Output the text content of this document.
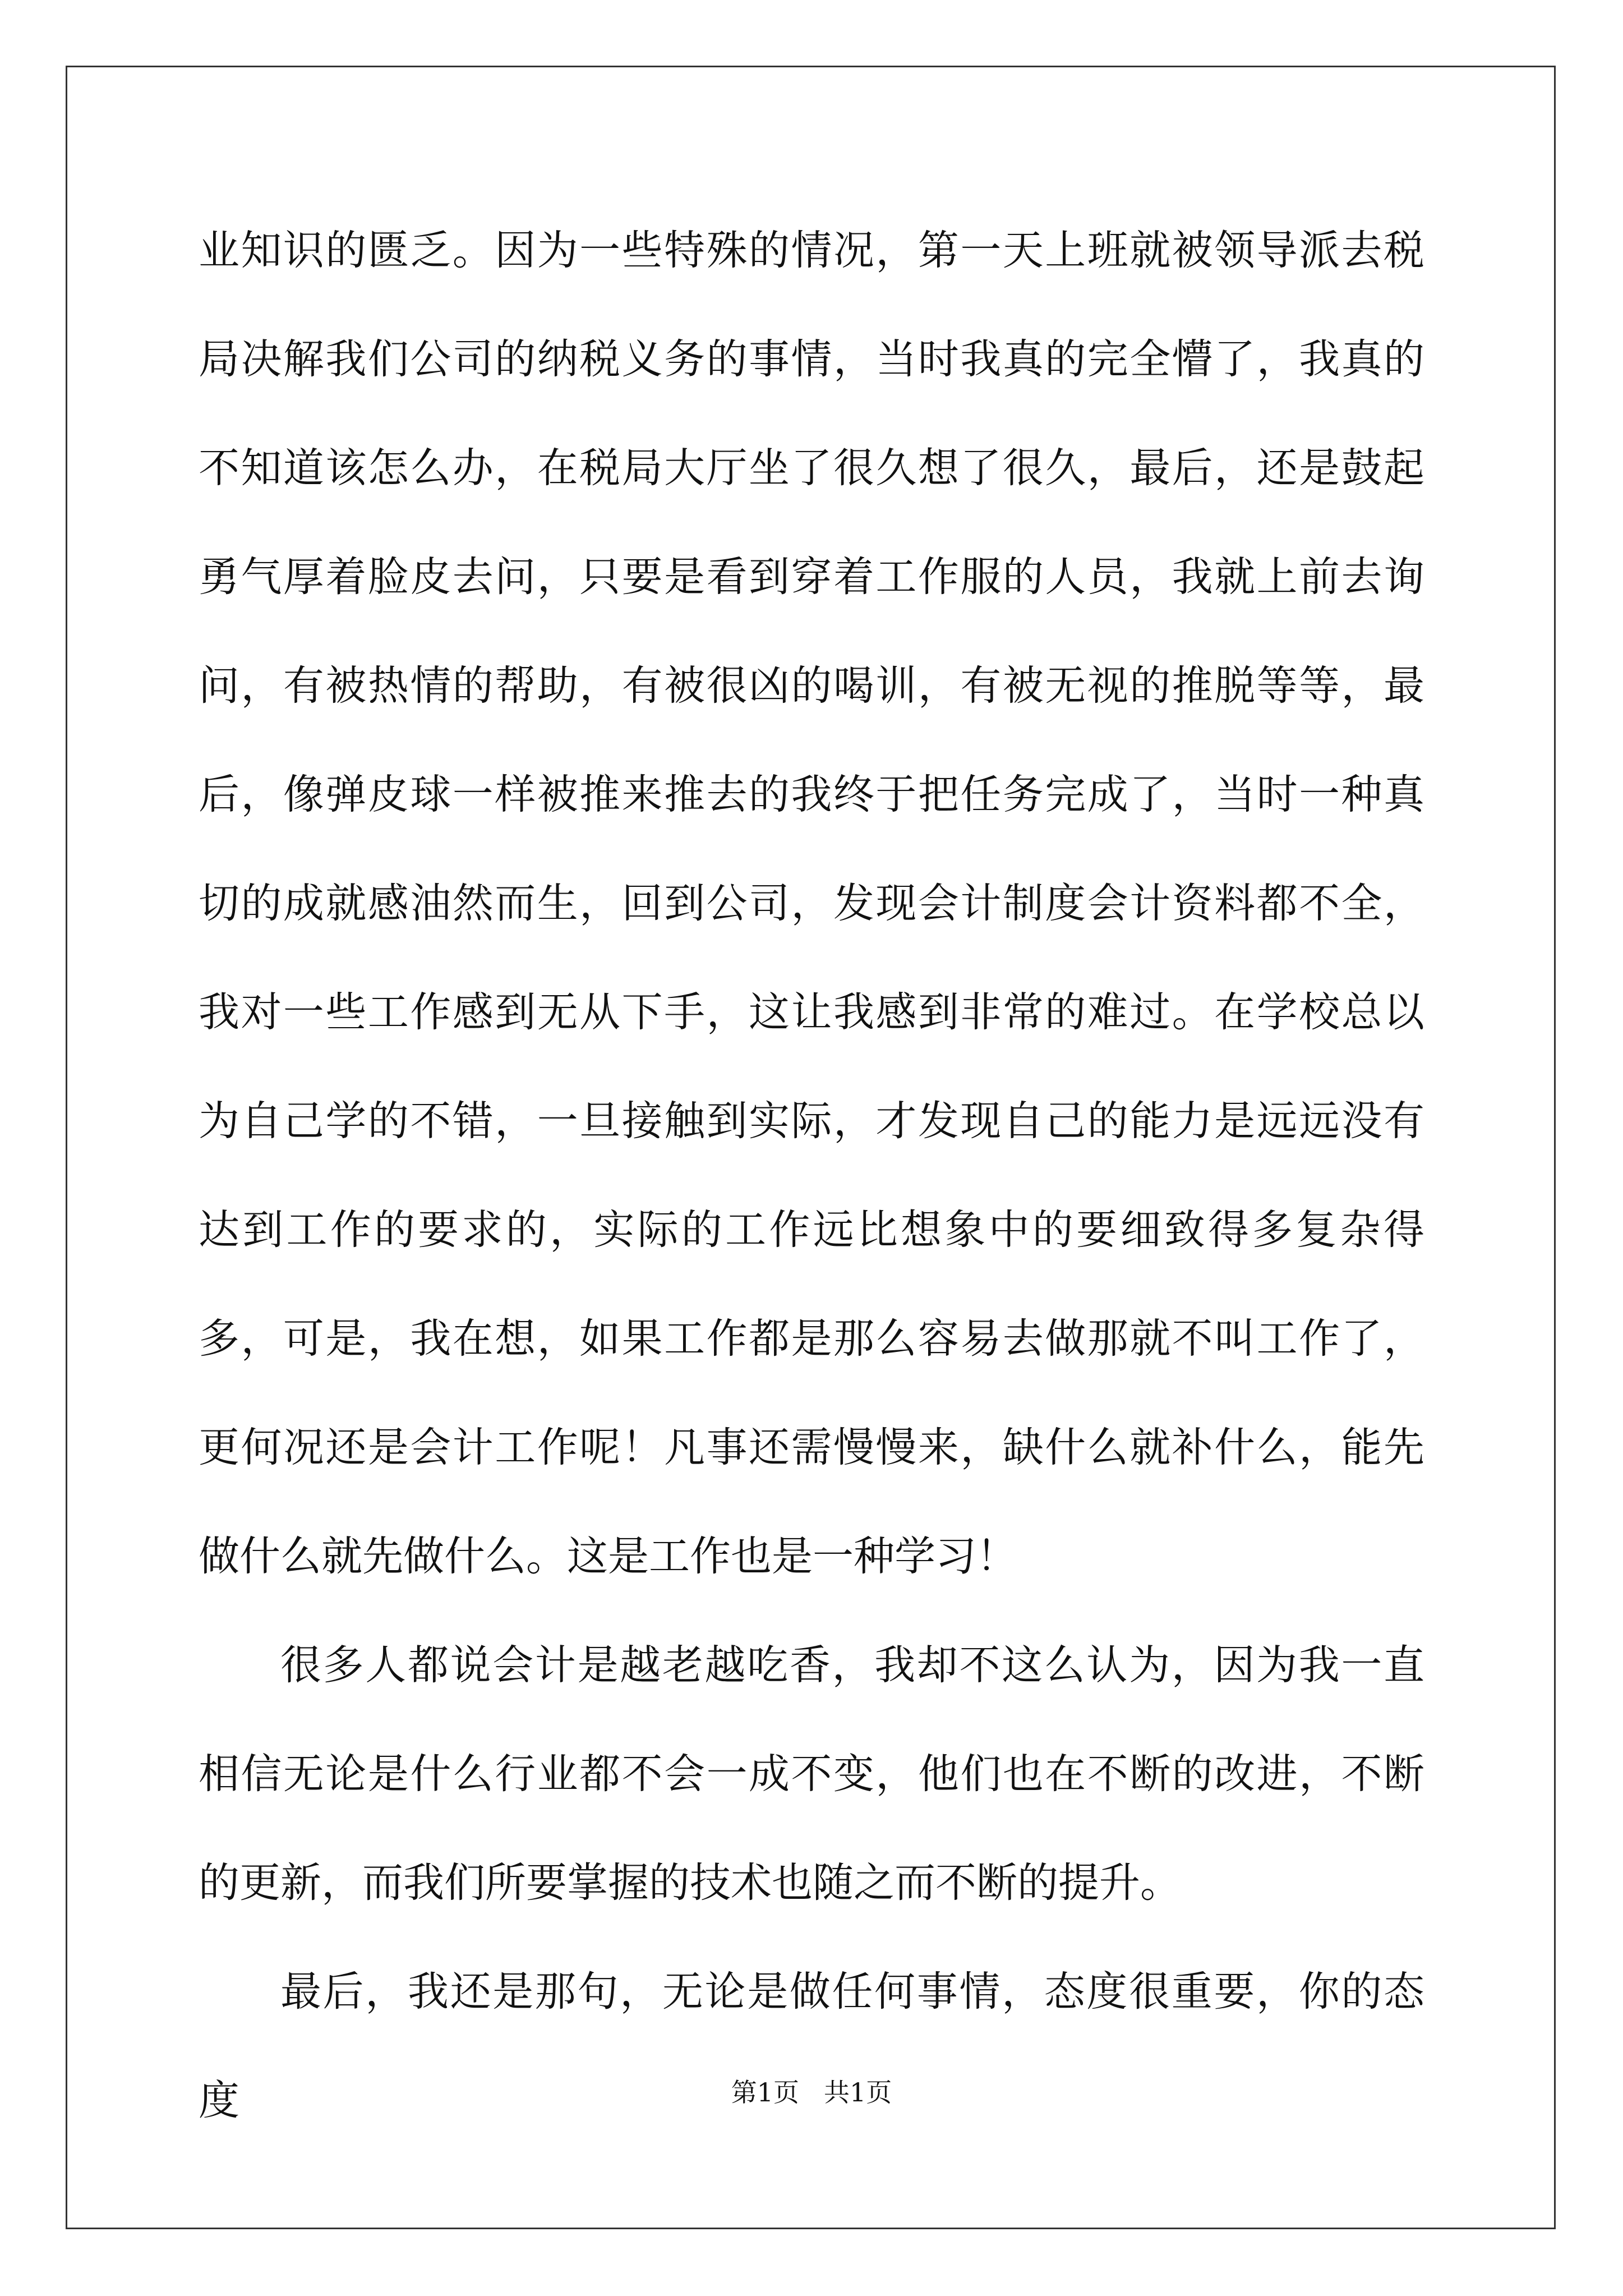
业知识的匮乏。因为一些特殊的情况，第一天上班就被领导派去税局决解我们公司的纳税义务的事情，当时我真的完全懵了，我真的不知道该怎么办，在税局大厅坐了很久想了很久，最后，还是鼓起勇气厚着脸皮去问，只要是看到穿着工作服的人员，我就上前去询问，有被热情的帮助，有被很凶的喝训，有被无视的推脱等等，最后，像弹皮球一样被推来推去的我终于把任务完成了，当时一种真切的成就感油然而生，回到公司，发现会计制度会计资料都不全，我对一些工作感到无从下手，这让我感到非常的难过。在学校总以为自己学的不错，一旦接触到实际，才发现自己的能力是远远没有达到工作的要求的，实际的工作远比想象中的要细致得多复杂得多，可是，我在想，如果工作都是那么容易去做那就不叫工作了，更何况还是会计工作呢！凡事还需慢慢来，缺什么就补什么，能先做什么就先做什么。这是工作也是一种学习！

很多人都说会计是越老越吃香，我却不这么认为，因为我一直相信无论是什么行业都不会一成不变，他们也在不断的改进，不断的更新，而我们所要掌握的技术也随之而不断的提升。

最后，我还是那句，无论是做任何事情，态度很重要，你的态度	第1页 共1页
